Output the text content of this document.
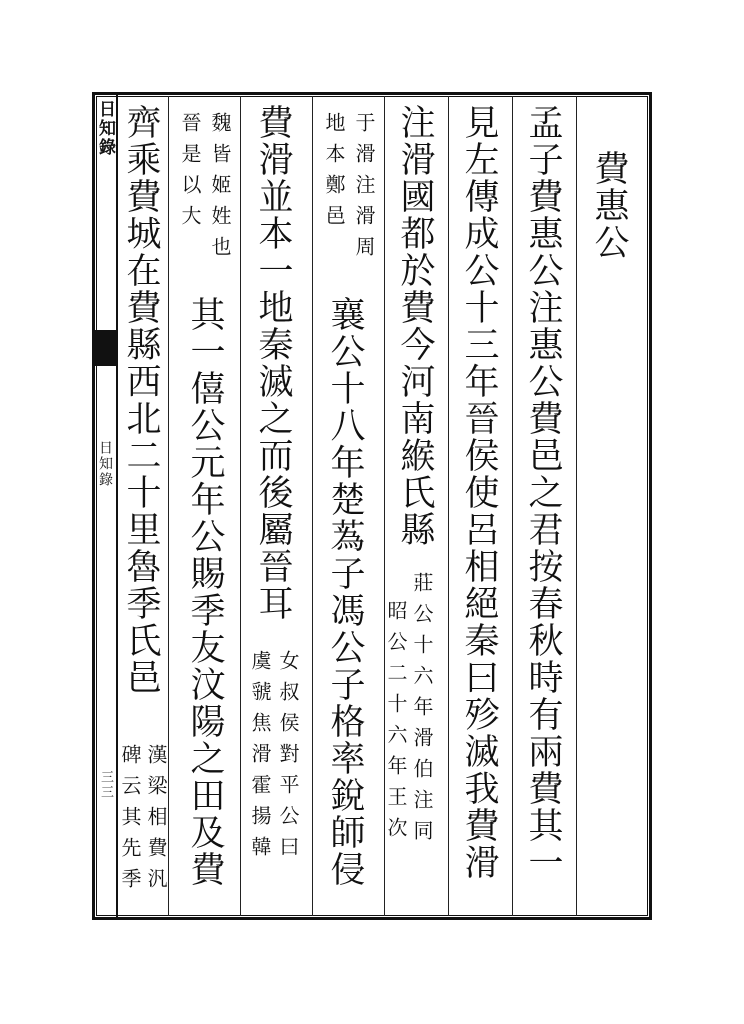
日知錄
日知錄
三三
費惠公
孟子費惠公注惠公費邑之君按春秋時有兩費其一
見左傳成公十三年晉侯使呂相絕秦曰殄滅我費滑
注滑國都於費今河南緱氏縣
莊公十六年滑伯注同
昭公二十六年王次
于滑注滑周
地本鄭邑
襄公十八年楚蒍子馮公子格率銳師侵
費滑並本一地秦滅之而後屬晉耳
女叔侯對平公曰
虞虢焦滑霍揚韓
魏皆姬姓也
晉是以大
其一僖公元年公賜季友汶陽之田及費
齊乘費城在費縣西北二十里魯季氏邑
漢梁相費汎
碑云其先季
